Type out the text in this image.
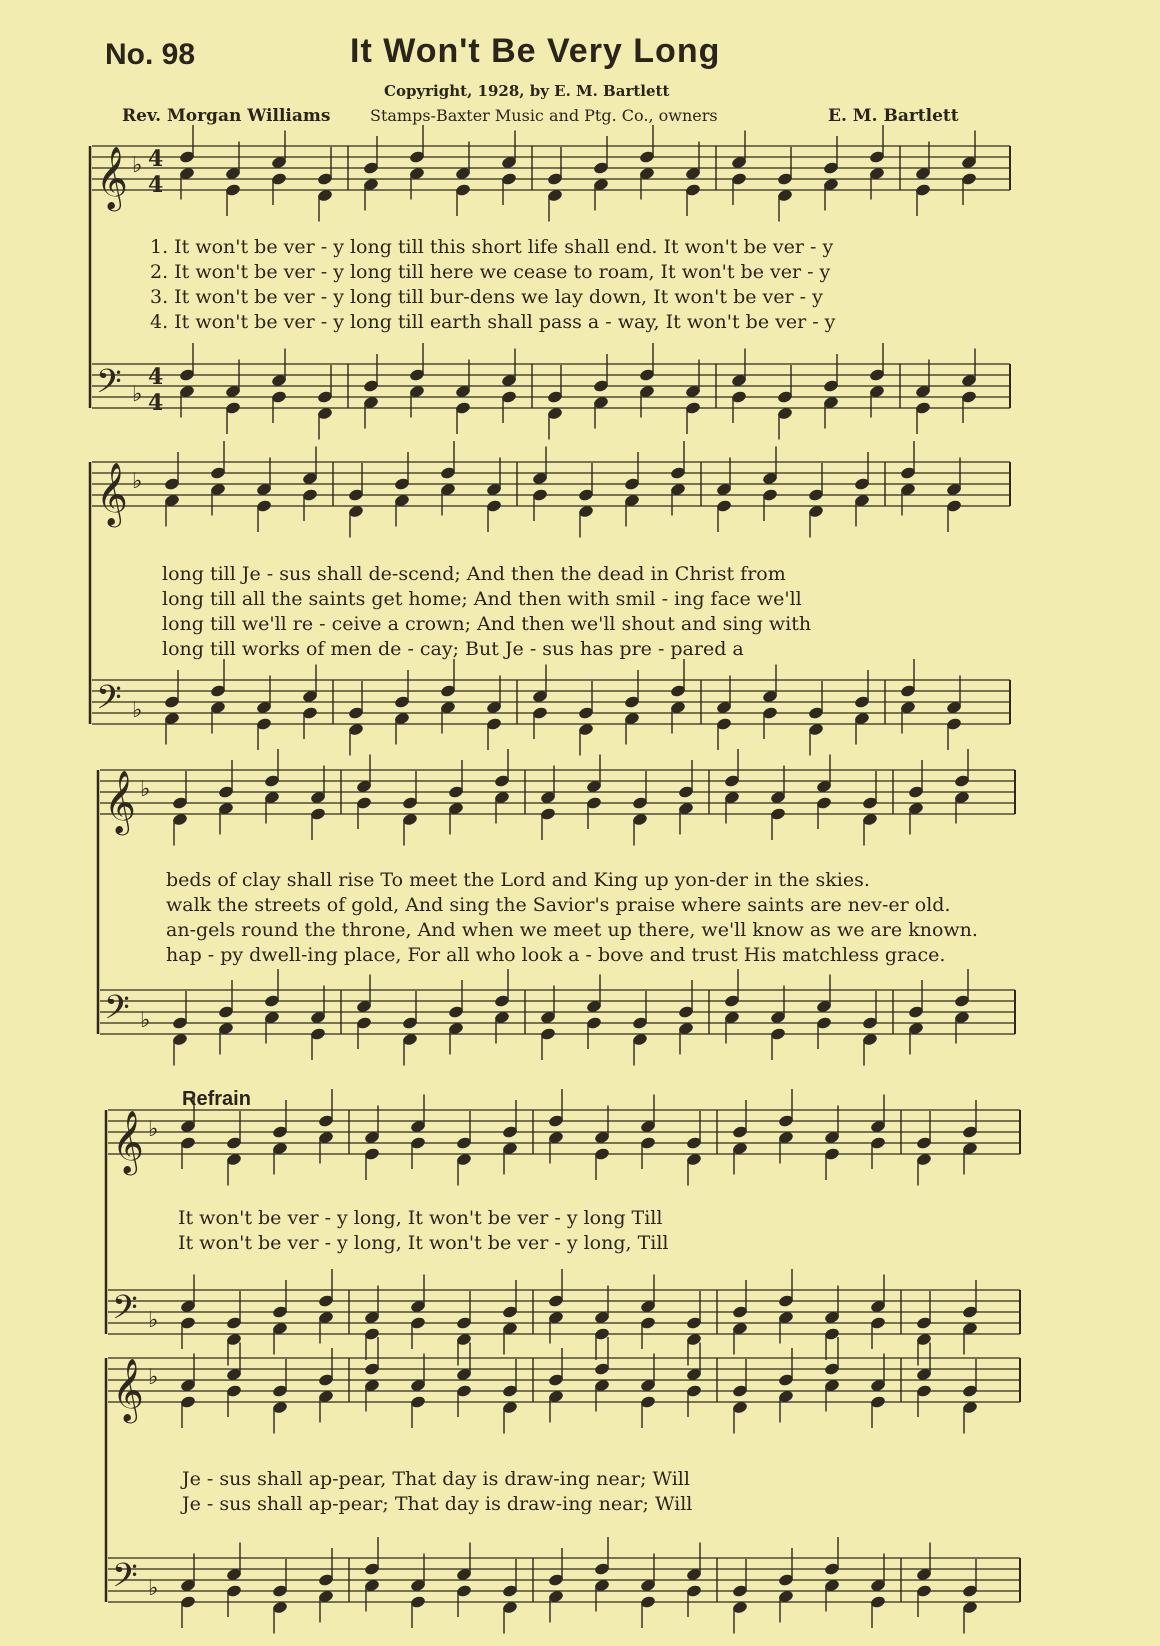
No. 98	It Won't Be Very Long
Copyright, 1928, by E. M. Bartlett
Rev. Morgan Williams Stamps-Baxter Music and Ptg. Co., owners	E. M. Bartlett
𝄞 ♭ 4
4
𝄢 ♭
4
4
𝄞 ♭
𝄢 ♭
𝄞 ♭
𝄢 ♭
𝄞 ♭
𝄢 ♭
𝄞 ♭
𝄢 ♭
Refrain
1. It won't be ver - y long till this short life shall end. It won't be ver - y
2. It won't be ver - y long till here we cease to roam, It won't be ver - y
3. It won't be ver - y long till bur-dens we lay down, It won't be ver - y
4. It won't be ver - y long till earth shall pass a - way, It won't be ver - y
long till Je - sus shall de-scend; And then the dead in Christ from
long till all the saints get home; And then with smil - ing face we'll
long till we'll re - ceive a crown; And then we'll shout and sing with
long till works of men de - cay; But Je - sus has pre - pared a
beds of clay shall rise To meet the Lord and King up yon-der in the skies.
walk the streets of gold, And sing the Savior's praise where saints are nev-er old.
an-gels round the throne, And when we meet up there, we'll know as we are known.
hap - py dwell-ing place, For all who look a - bove and trust His matchless grace.
It won't be ver - y long, It won't be ver - y long Till
It won't be ver - y long, It won't be ver - y long, Till
Je - sus shall ap-pear, That day is draw-ing near; Will
Je - sus shall ap-pear; That day is draw-ing near; Will
